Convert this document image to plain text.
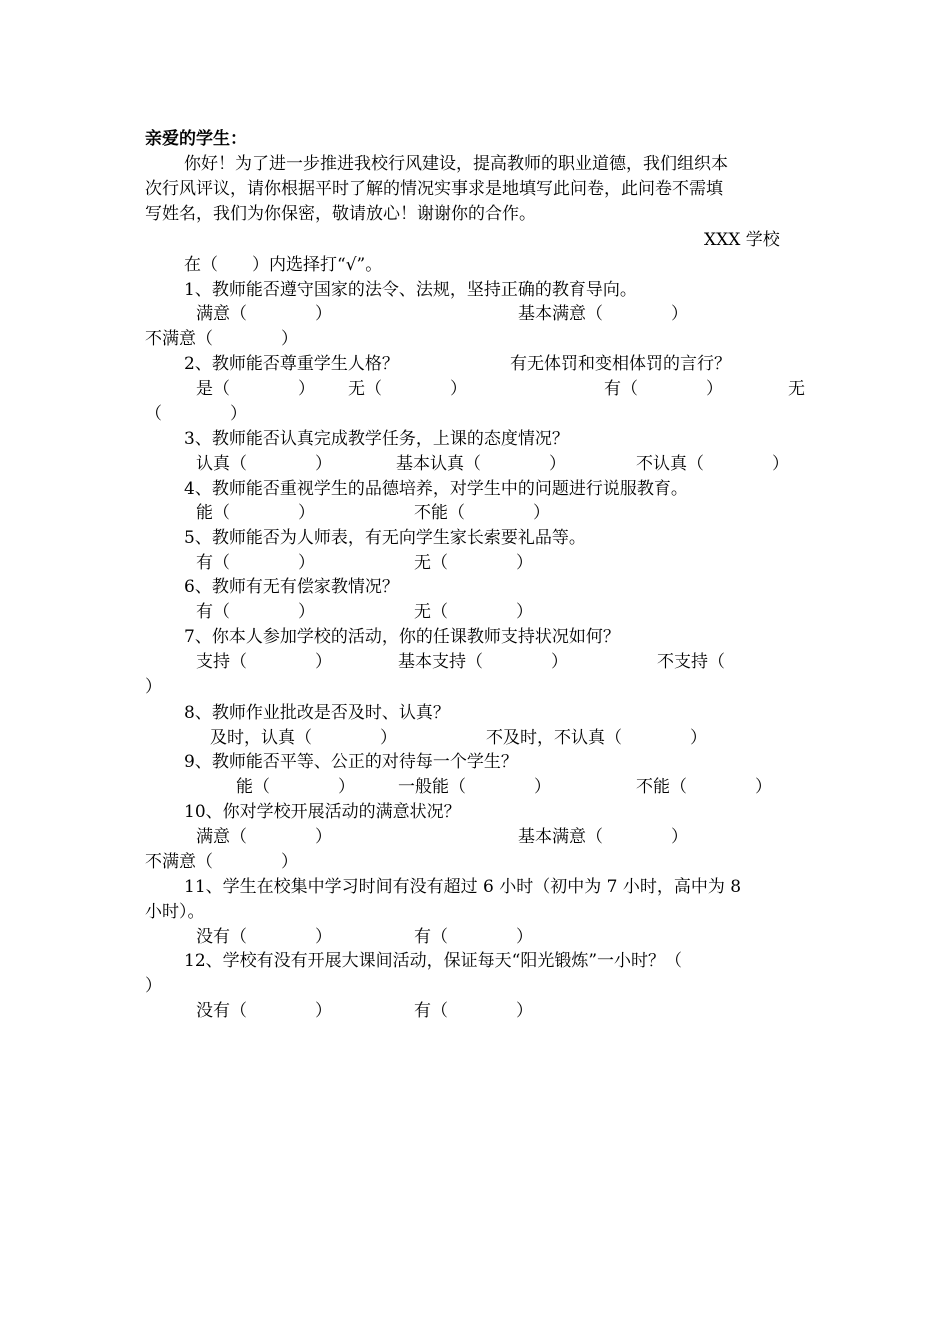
亲爱的学生：
你好！为了进一步推进我校行风建设，提高教师的职业道德，我们组织本
次行风评议，请你根据平时了解的情况实事求是地填写此问卷，此问卷不需填
写姓名，我们为你保密，敬请放心！谢谢你的合作。
XXX 学校
在（　　）内选择打“√”。
1、教师能否遵守国家的法令、法规，坚持正确的教育导向。
满意（　　　　）	基本满意（　　　　）
不满意（　　　　）
2、教师能否尊重学生人格？	有无体罚和变相体罚的言行？
是（　　　　） 无（　　　　）	有（　　　　）	无
（　　　　）
3、教师能否认真完成教学任务，上课的态度情况？
认真（　　　　）	基本认真（　　　　）	不认真（　　　　）
4、教师能否重视学生的品德培养，对学生中的问题进行说服教育。
能（　　　　）	不能（　　　　）
5、教师能否为人师表，有无向学生家长索要礼品等。
有（　　　　）	无（　　　　）
6、教师有无有偿家教情况？
有（　　　　）	无（　　　　）
7、你本人参加学校的活动，你的任课教师支持状况如何？
支持（　　　　）	基本支持（　　　　）	不支持（
）
8、教师作业批改是否及时、认真？
及时，认真（　　　　）	不及时，不认真（　　　　）
9、教师能否平等、公正的对待每一个学生？
能（　　　　）	一般能（　　　　）	不能（　　　　）
10、你对学校开展活动的满意状况？
满意（　　　　）	基本满意（　　　　）
不满意（　　　　）
11、学生在校集中学习时间有没有超过 6 小时（初中为 7 小时，高中为 8
小时）。
没有（　　　　）	有（　　　　）
12、学校有没有开展大课间活动，保证每天“阳光锻炼”一小时？（
）
没有（　　　　）	有（　　　　）
